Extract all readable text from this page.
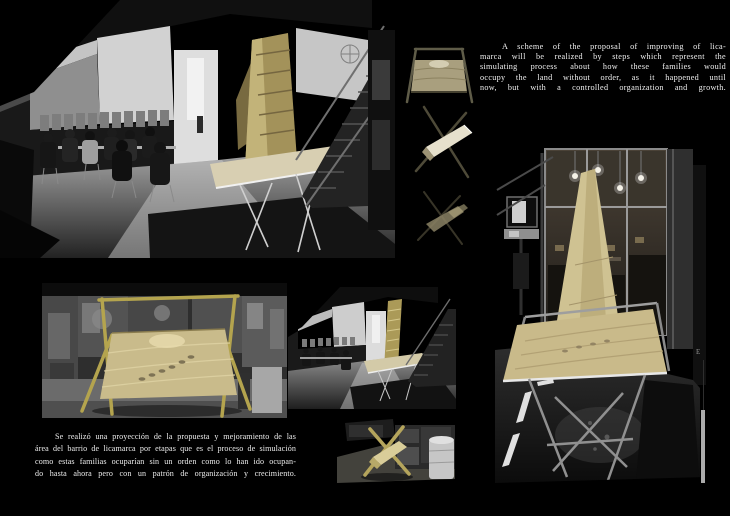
A scheme of the proposal of improving of lica-
marca will be realized by steps which represent the
simulating process about how these families would
occupy the land without order, as it happened until
now, but with a controlled organization and growth.
Se realizó una proyección de la propuesta y mejoramiento de las
área del barrio de licamarca por etapas que es el proceso de simulación
como estas familias ocuparían sin un orden como lo han ido ocupan-
do hasta ahora pero con un patrón de organización y crecimiento.
E
